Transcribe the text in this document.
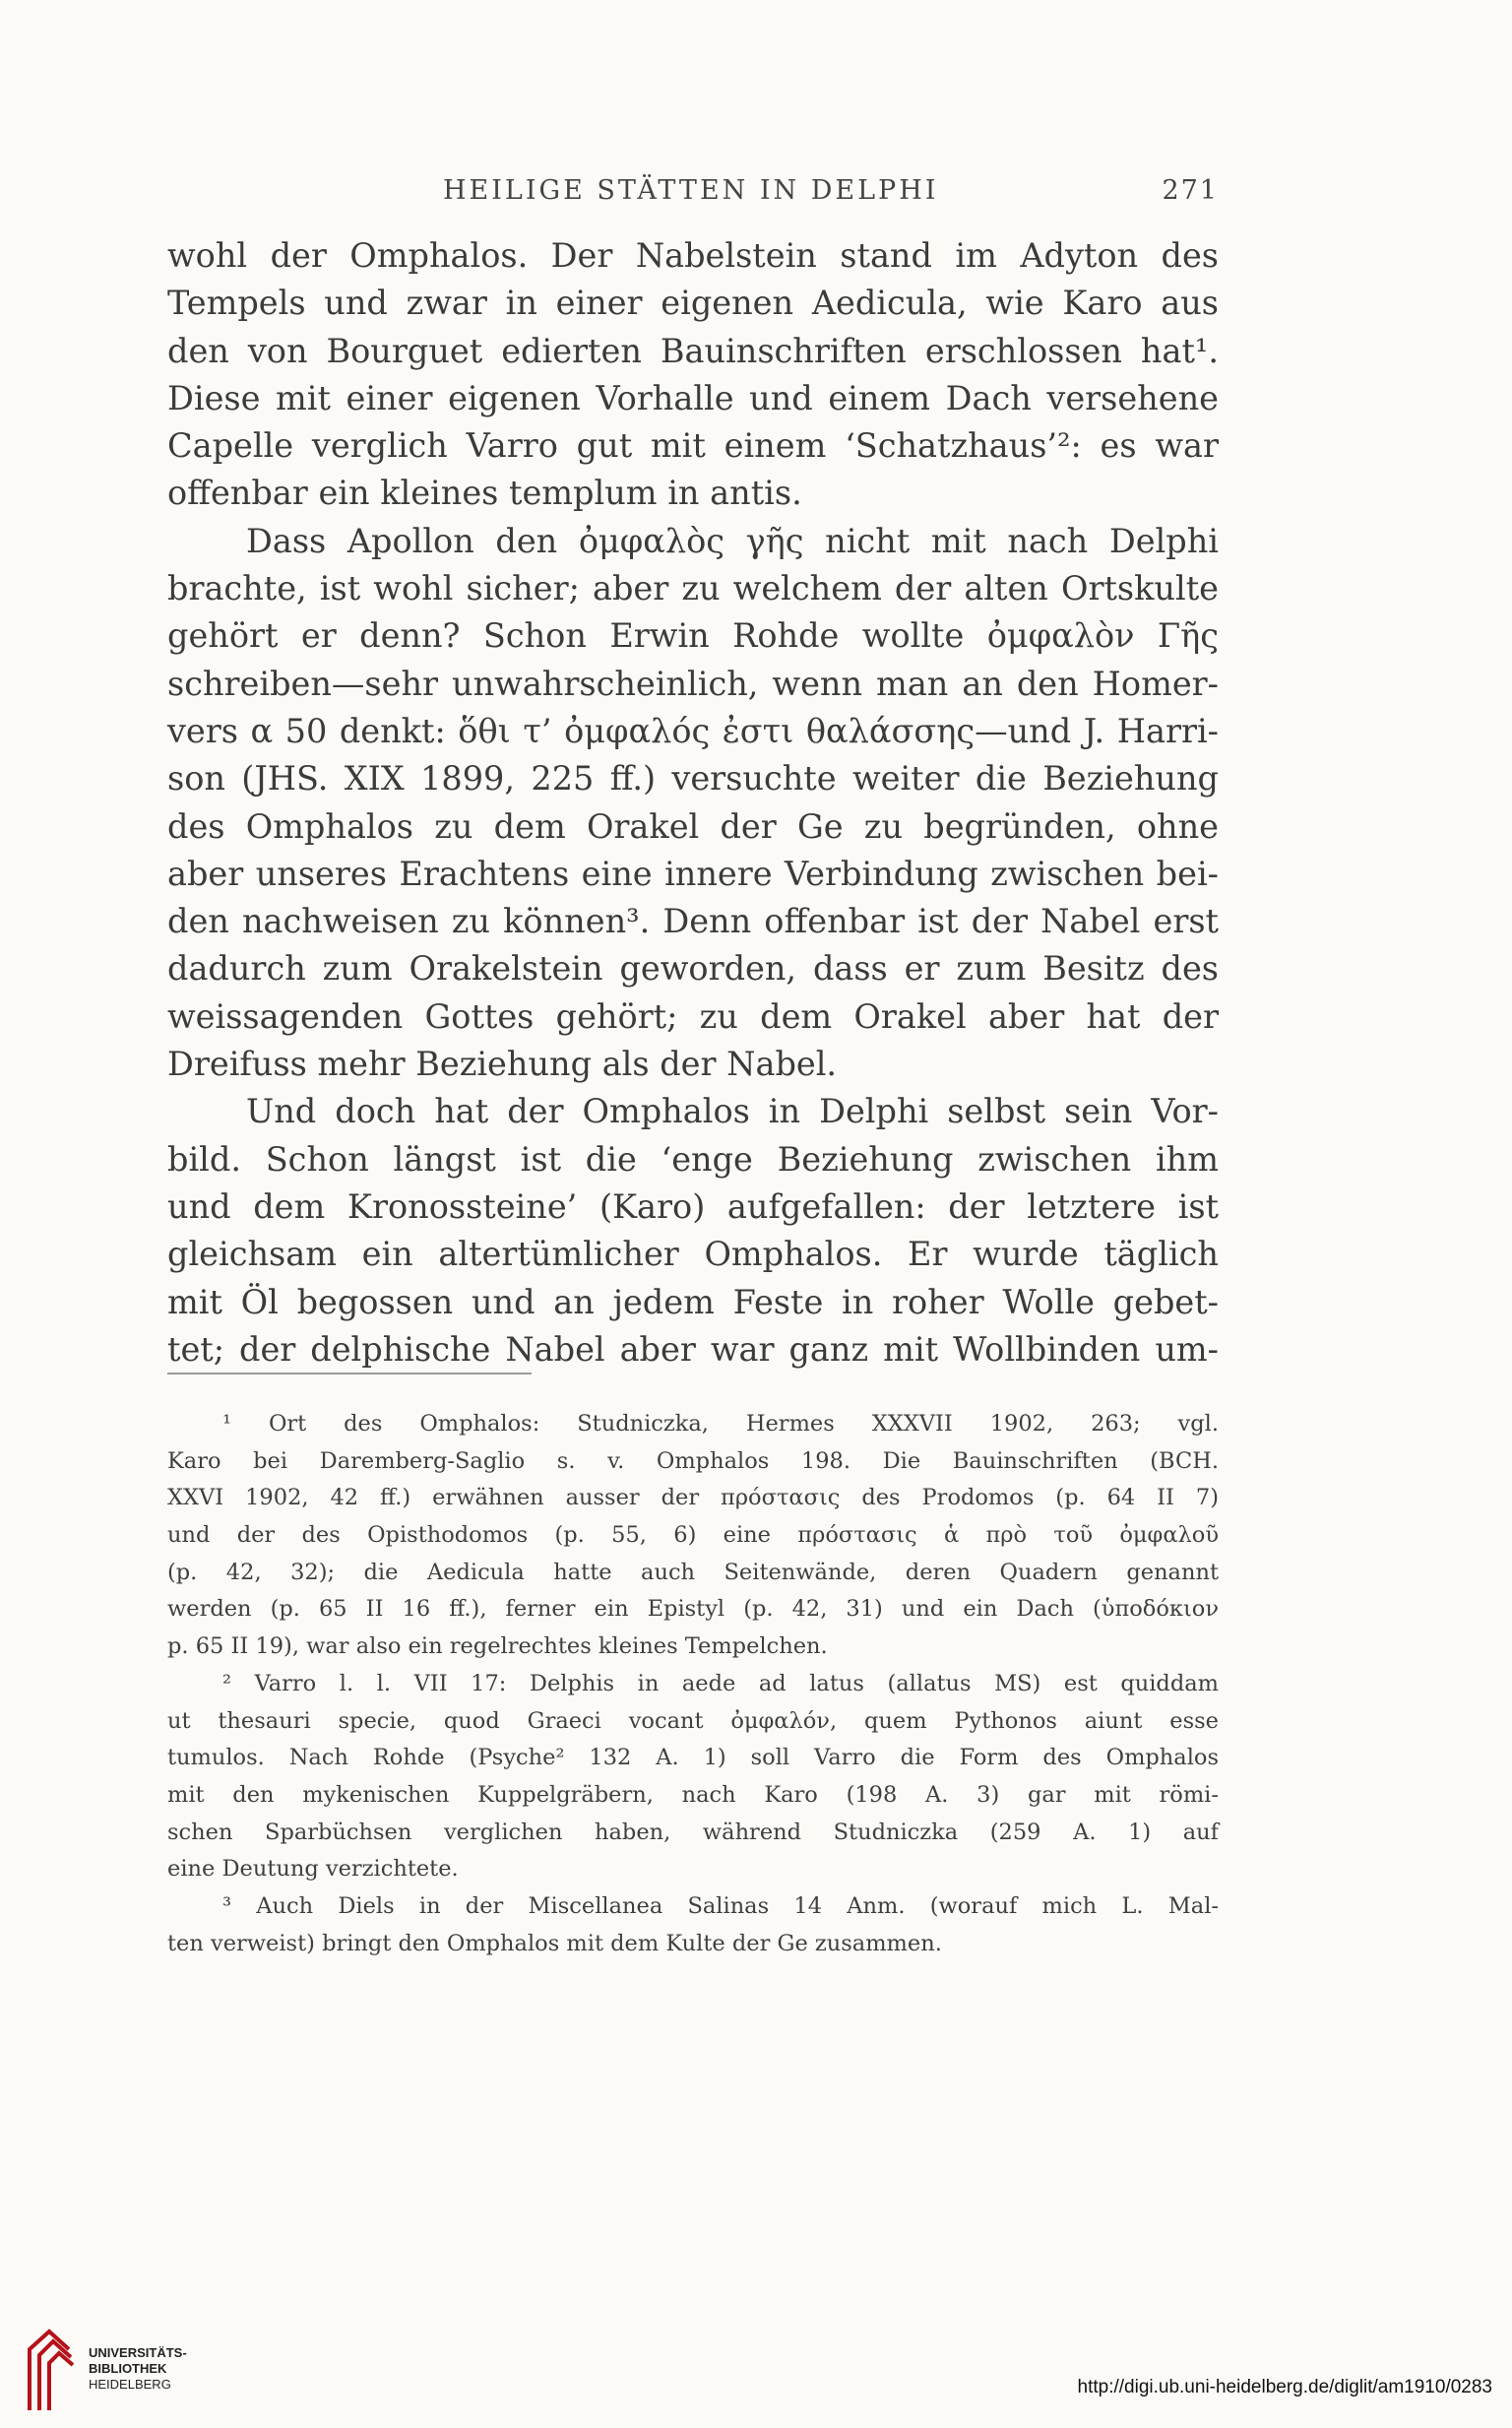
HEILIGE STÄTTEN IN DELPHI	271
wohl der Omphalos. Der Nabelstein stand im Adyton des
Tempels und zwar in einer eigenen Aedicula, wie Karo aus
den von Bourguet edierten Bauinschriften erschlossen hat¹.
Diese mit einer eigenen Vorhalle und einem Dach versehene
Capelle verglich Varro gut mit einem ‘Schatzhaus’²: es war
offenbar ein kleines templum in antis.
Dass Apollon den ὀμφαλὸς γῆς nicht mit nach Delphi
brachte, ist wohl sicher; aber zu welchem der alten Ortskulte
gehört er denn? Schon Erwin Rohde wollte ὀμφαλὸν Γῆς
schreiben—sehr unwahrscheinlich, wenn man an den Homer-
vers α 50 denkt: ὅθι τ’ ὀμφαλός ἐστι θαλάσσης—und J. Harri-
son (JHS. XIX 1899, 225 ff.) versuchte weiter die Beziehung
des Omphalos zu dem Orakel der Ge zu begründen, ohne
aber unseres Erachtens eine innere Verbindung zwischen bei-
den nachweisen zu können³. Denn offenbar ist der Nabel erst
dadurch zum Orakelstein geworden, dass er zum Besitz des
weissagenden Gottes gehört; zu dem Orakel aber hat der
Dreifuss mehr Beziehung als der Nabel.
Und doch hat der Omphalos in Delphi selbst sein Vor-
bild. Schon längst ist die ‘enge Beziehung zwischen ihm
und dem Kronossteine’ (Karo) aufgefallen: der letztere ist
gleichsam ein altertümlicher Omphalos. Er wurde täglich
mit Öl begossen und an jedem Feste in roher Wolle gebet-
tet; der delphische Nabel aber war ganz mit Wollbinden um-
¹ Ort des Omphalos: Studniczka, Hermes XXXVII 1902, 263; vgl.
Karo bei Daremberg-Saglio s. v. Omphalos 198. Die Bauinschriften (BCH.
XXVI 1902, 42 ff.) erwähnen ausser der πρόστασις des Prodomos (p. 64 II 7)
und der des Opisthodomos (p. 55, 6) eine πρόστασις ἁ πρὸ τοῦ ὀμφαλοῦ
(p. 42, 32); die Aedicula hatte auch Seitenwände, deren Quadern genannt
werden (p. 65 II 16 ff.), ferner ein Epistyl (p. 42, 31) und ein Dach (ὑποδόκιον
p. 65 II 19), war also ein regelrechtes kleines Tempelchen.
² Varro l. l. VII 17: Delphis in aede ad latus (allatus MS) est quiddam
ut thesauri specie, quod Graeci vocant ὀμφαλόν, quem Pythonos aiunt esse
tumulos. Nach Rohde (Psyche² 132 A. 1) soll Varro die Form des Omphalos
mit den mykenischen Kuppelgräbern, nach Karo (198 A. 3) gar mit römi-
schen Sparbüchsen verglichen haben, während Studniczka (259 A. 1) auf
eine Deutung verzichtete.
³ Auch Diels in der Miscellanea Salinas 14 Anm. (worauf mich L. Mal-
ten verweist) bringt den Omphalos mit dem Kulte der Ge zusammen.
UNIVERSITÄTS-
BIBLIOTHEK
HEIDELBERG	http://digi.ub.uni-heidelberg.de/diglit/am1910/0283
